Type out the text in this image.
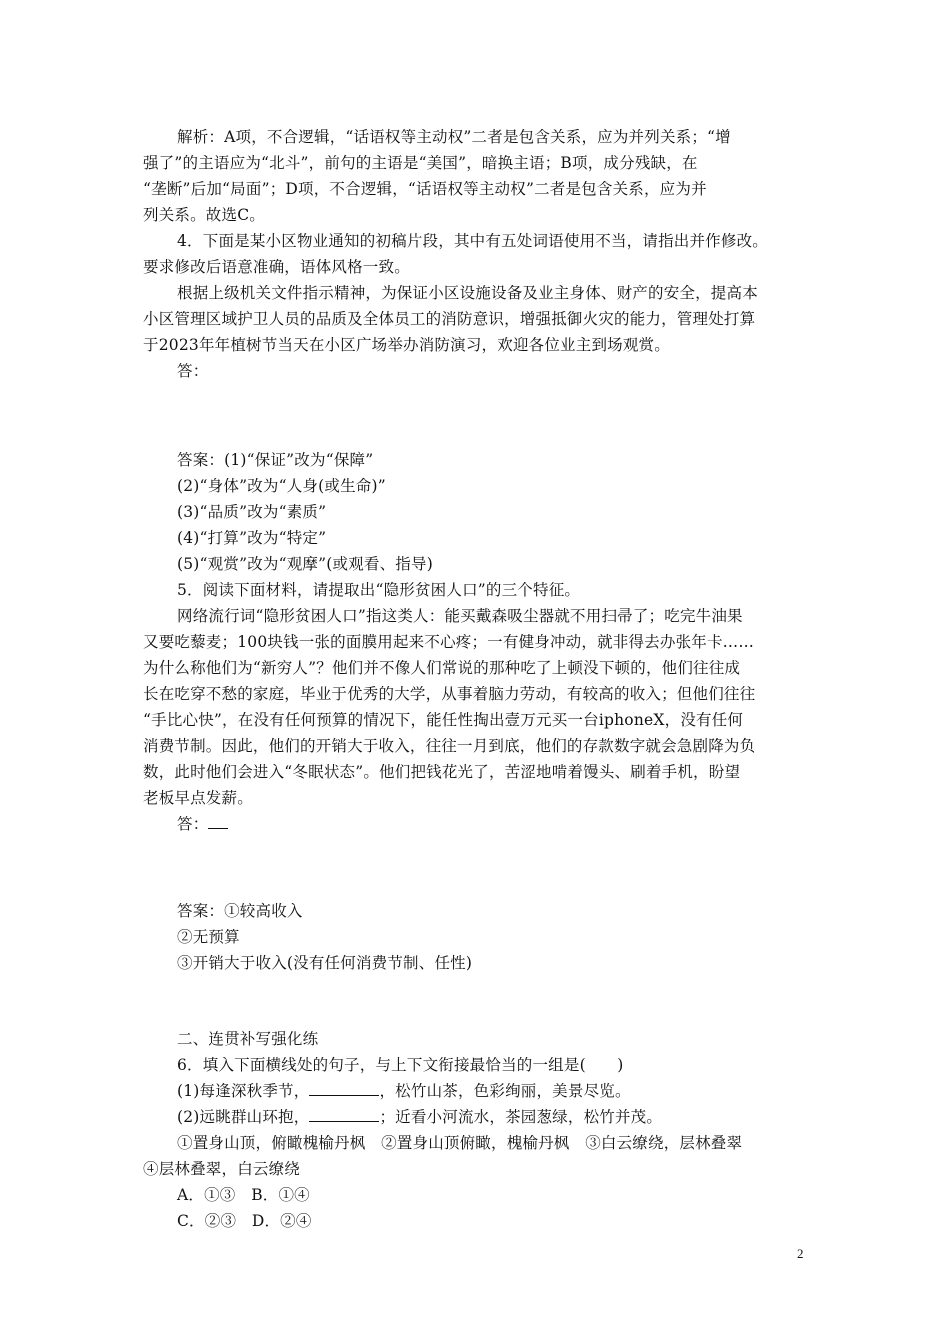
解析：A项，不合逻辑，“话语权等主动权”二者是包含关系，应为并列关系；“增
强了”的主语应为“北斗”，前句的主语是“美国”，暗换主语；B项，成分残缺，在
“垄断”后加“局面”；D项，不合逻辑，“话语权等主动权”二者是包含关系，应为并
列关系。故选C。
4．下面是某小区物业通知的初稿片段，其中有五处词语使用不当，请指出并作修改。
要求修改后语意准确，语体风格一致。
根据上级机关文件指示精神，为保证小区设施设备及业主身体、财产的安全，提高本
小区管理区域护卫人员的品质及全体员工的消防意识，增强抵御火灾的能力，管理处打算
于2023年年植树节当天在小区广场举办消防演习，欢迎各位业主到场观赏。
答：
答案：(1)“保证”改为“保障”
(2)“身体”改为“人身(或生命)”
(3)“品质”改为“素质”
(4)“打算”改为“特定”
(5)“观赏”改为“观摩”(或观看、指导)
5．阅读下面材料，请提取出“隐形贫困人口”的三个特征。
网络流行词“隐形贫困人口”指这类人：能买戴森吸尘器就不用扫帚了；吃完牛油果
又要吃藜麦；100块钱一张的面膜用起来不心疼；一有健身冲动，就非得去办张年卡……
为什么称他们为“新穷人”？他们并不像人们常说的那种吃了上顿没下顿的，他们往往成
长在吃穿不愁的家庭，毕业于优秀的大学，从事着脑力劳动，有较高的收入；但他们往往
“手比心快”，在没有任何预算的情况下，能任性掏出壹万元买一台iphoneX，没有任何
消费节制。因此，他们的开销大于收入，往往一月到底，他们的存款数字就会急剧降为负
数，此时他们会进入“冬眠状态”。他们把钱花光了，苦涩地啃着馒头、刷着手机，盼望
老板早点发薪。
答：
答案：①较高收入
②无预算
③开销大于收入(没有任何消费节制、任性)
二、连贯补写强化练
6．填入下面横线处的句子，与上下文衔接最恰当的一组是(　　)
(1)每逢深秋季节，	，松竹山茶，色彩绚丽，美景尽览。
(2)远眺群山环抱，	；近看小河流水，茶园葱绿，松竹并茂。
①置身山顶，俯瞰槐榆丹枫　②置身山顶俯瞰，槐榆丹枫　③白云缭绕，层林叠翠
④层林叠翠，白云缭绕
A．①③　B．①④
C．②③　D．②④
2
